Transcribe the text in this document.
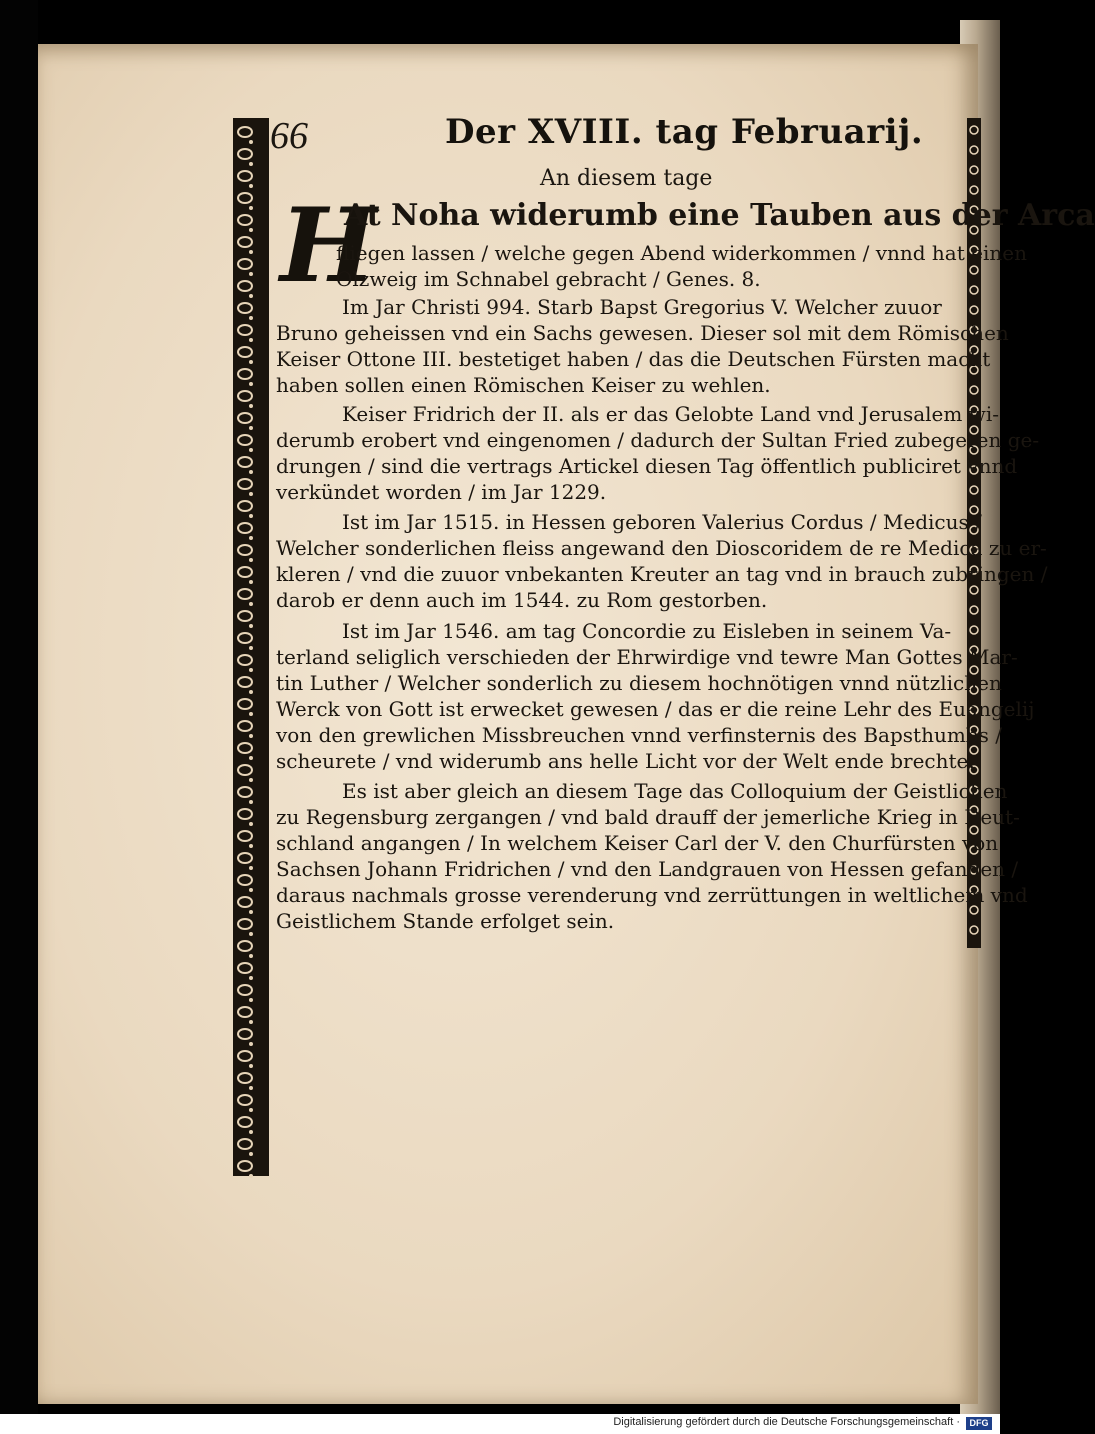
66	Der XVIII. tag Februarij.
An diesem tage
H
At Noha widerumb eine Tauben aus der Arca
fliegen lassen / welche gegen Abend widerkommen / vnnd hat einen
Olzweig im Schnabel gebracht / Genes. 8.
Im Jar Christi 994. Starb Bapst Gregorius V. Welcher zuuor
Bruno geheissen vnd ein Sachs gewesen. Dieser sol mit dem Römischen
Keiser Ottone III. bestetiget haben / das die Deutschen Fürsten macht
haben sollen einen Römischen Keiser zu wehlen.
Keiser Fridrich der II. als er das Gelobte Land vnd Jerusalem wi-
derumb erobert vnd eingenomen / dadurch der Sultan Fried zubegeren ge-
drungen / sind die vertrags Artickel diesen Tag öffentlich publiciret vnnd
verkündet worden / im Jar 1229.
Ist im Jar 1515. in Hessen geboren Valerius Cordus / Medicus /
Welcher sonderlichen fleiss angewand den Dioscoridem de re Medica zu er-
kleren / vnd die zuuor vnbekanten Kreuter an tag vnd in brauch zubringen /
darob er denn auch im 1544. zu Rom gestorben.
Ist im Jar 1546. am tag Concordie zu Eisleben in seinem Va-
terland seliglich verschieden der Ehrwirdige vnd tewre Man Gottes Mar-
tin Luther / Welcher sonderlich zu diesem hochnötigen vnnd nützlichen
Werck von Gott ist erwecket gewesen / das er die reine Lehr des Euangelij
von den grewlichen Missbreuchen vnnd verfinsternis des Bapsthumbs /
scheurete / vnd widerumb ans helle Licht vor der Welt ende brechte.
Es ist aber gleich an diesem Tage das Colloquium der Geistlichen
zu Regensburg zergangen / vnd bald drauff der jemerliche Krieg in Deut-
schland angangen / In welchem Keiser Carl der V. den Churfürsten von
Sachsen Johann Fridrichen / vnd den Landgrauen von Hessen gefangen /
daraus nachmals grosse verenderung vnd zerrüttungen in weltlichem vnd
Geistlichem Stande erfolget sein.
Digitalisierung gefördert durch die Deutsche Forschungsgemeinschaft ·	DFG
